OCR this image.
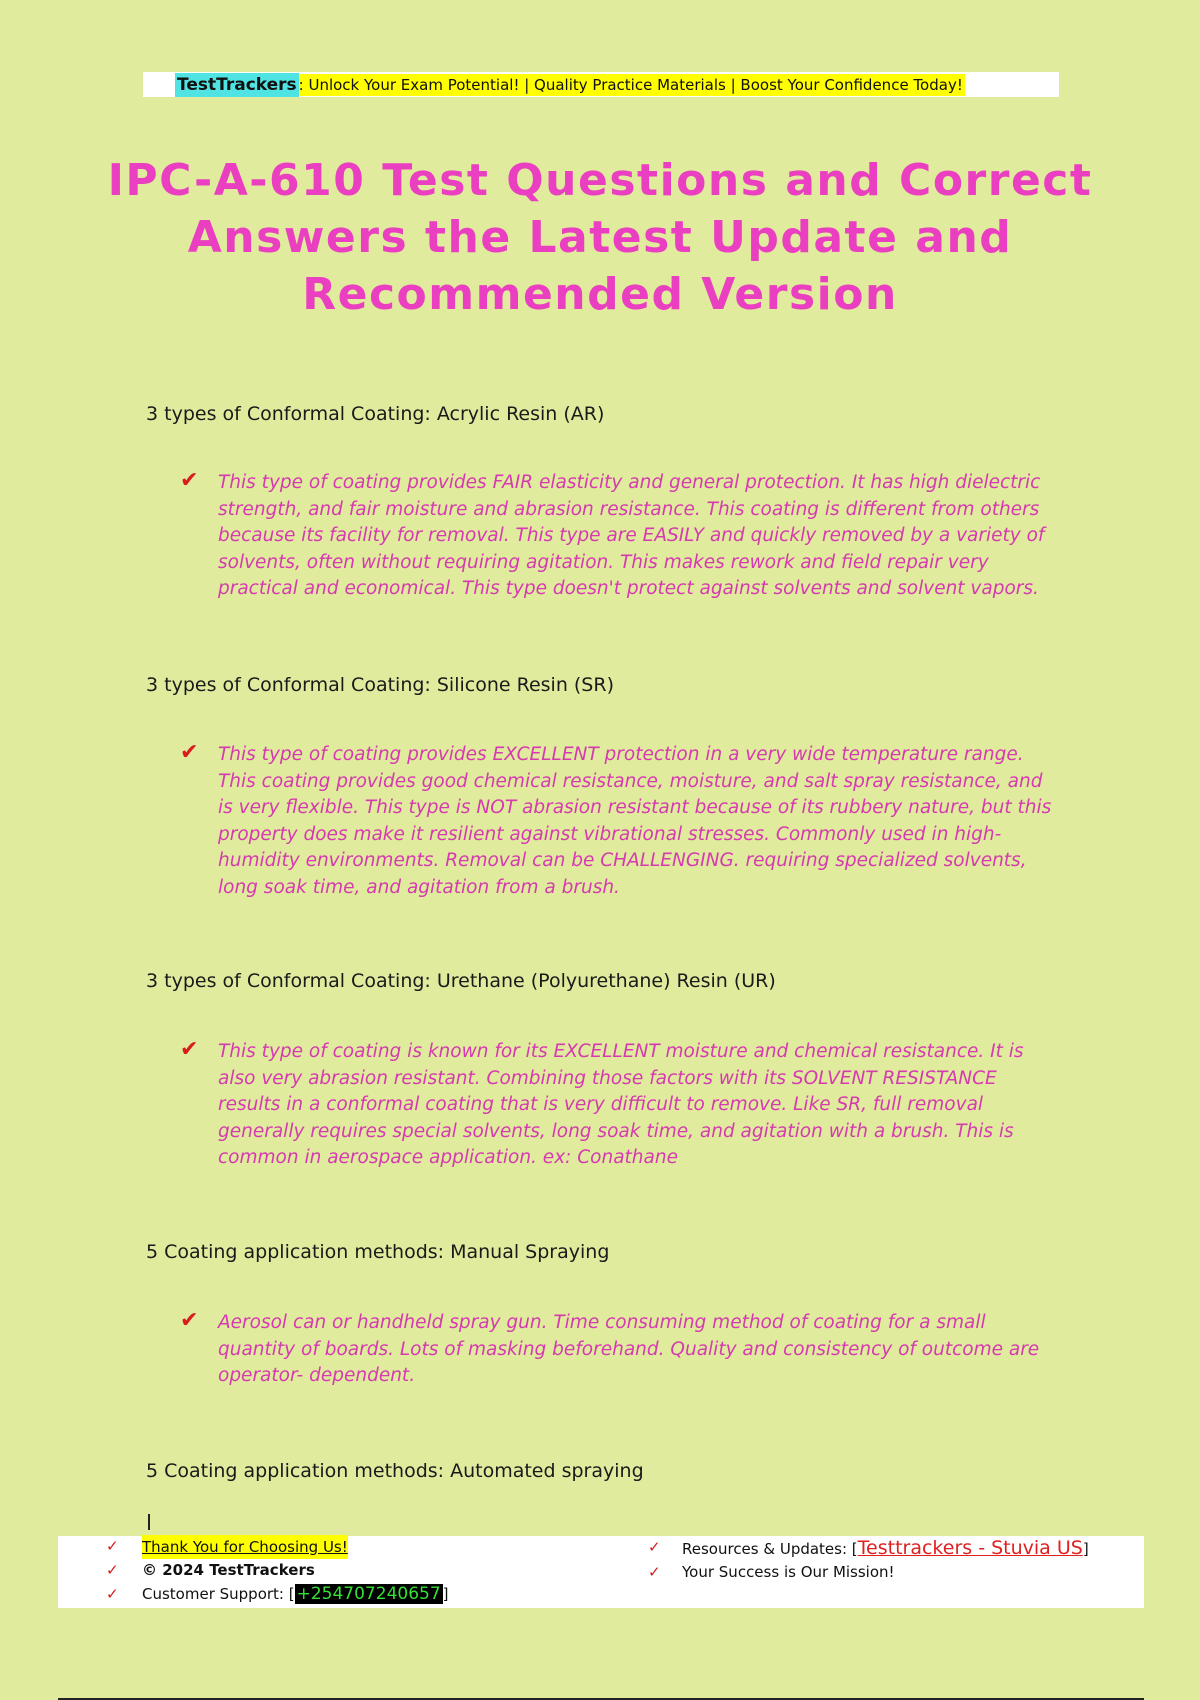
TestTrackers : Unlock Your Exam Potential! | Quality Practice Materials | Boost Your Confidence Today!
IPC-A-610 Test Questions and Correct Answers the Latest Update and Recommended Version
3 types of Conformal Coating: Acrylic Resin (AR)
✔ This type of coating provides FAIR elasticity and general protection. It has high dielectric strength, and fair moisture and abrasion resistance. This coating is different from others because its facility for removal. This type are EASILY and quickly removed by a variety of solvents, often without requiring agitation. This makes rework and field repair very practical and economical. This type doesn't protect against solvents and solvent vapors.
3 types of Conformal Coating: Silicone Resin (SR)
✔ This type of coating provides EXCELLENT protection in a very wide temperature range. This coating provides good chemical resistance, moisture, and salt spray resistance, and is very flexible. This type is NOT abrasion resistant because of its rubbery nature, but this property does make it resilient against vibrational stresses. Commonly used in high-humidity environments. Removal can be CHALLENGING. requiring specialized solvents, long soak time, and agitation from a brush.
3 types of Conformal Coating: Urethane (Polyurethane) Resin (UR)
✔ This type of coating is known for its EXCELLENT moisture and chemical resistance. It is also very abrasion resistant. Combining those factors with its SOLVENT RESISTANCE results in a conformal coating that is very difficult to remove. Like SR, full removal generally requires special solvents, long soak time, and agitation with a brush. This is common in aerospace application. ex: Conathane
5 Coating application methods: Manual Spraying
✔ Aerosol can or handheld spray gun. Time consuming method of coating for a small quantity of boards. Lots of masking beforehand. Quality and consistency of outcome are operator- dependent.
5 Coating application methods: Automated spraying
✓ Thank You for Choosing Us!
✓ © 2024 TestTrackers
✓ Customer Support: [ +254707240657 ]
✓ Resources & Updates: [Testtrackers - Stuvia US]
✓ Your Success is Our Mission!
